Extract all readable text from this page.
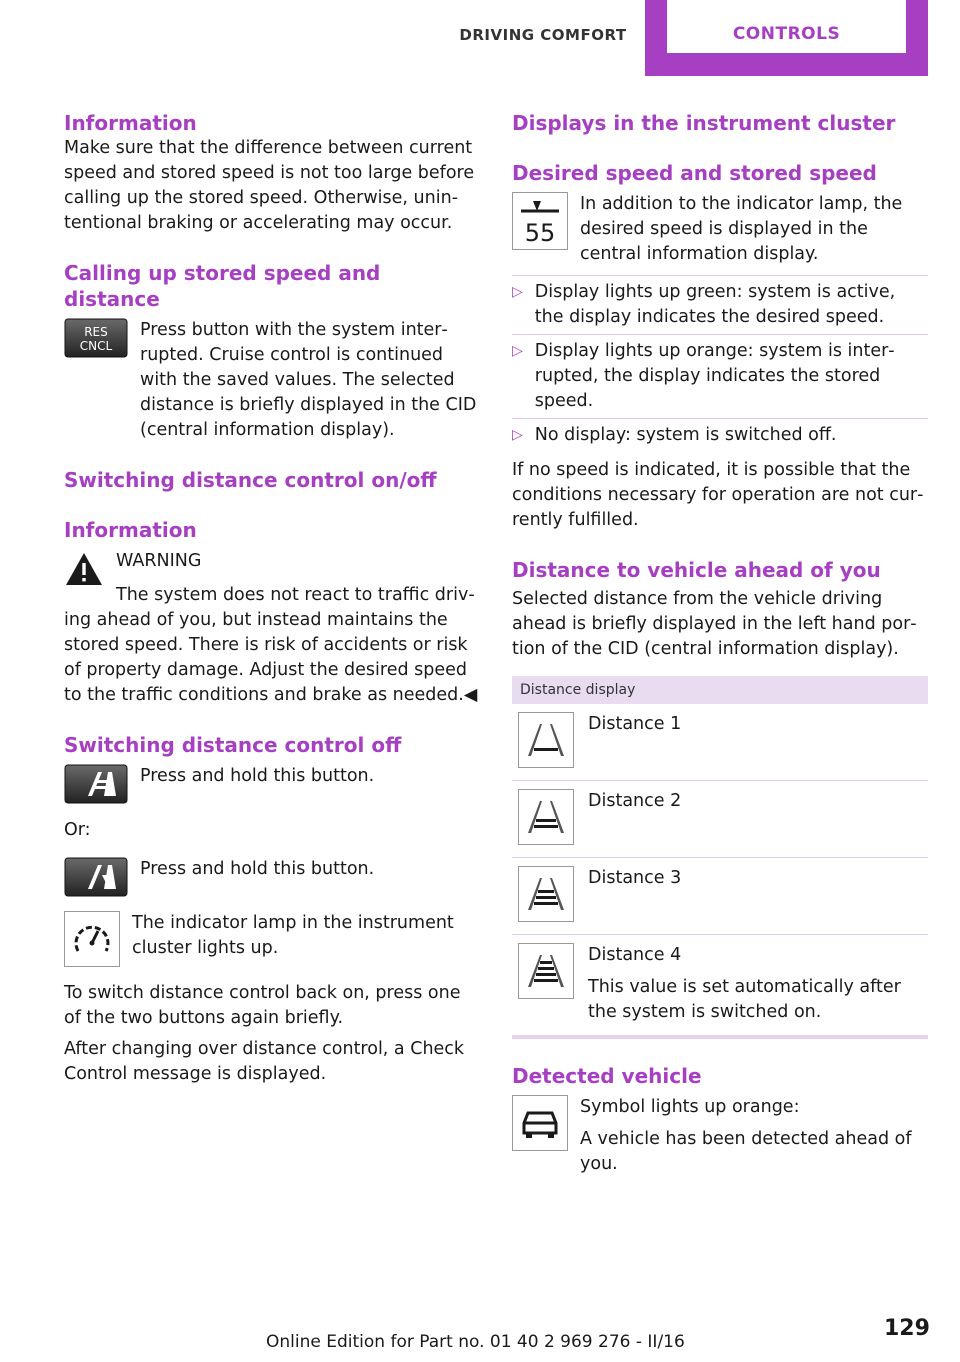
DRIVING COMFORT	CONTROLS
Information

Make sure that the difference between current speed and stored speed is not too large before calling up the stored speed. Otherwise, unintentional braking or accelerating may occur.

Calling up stored speed and distance
RES
CNCL

Press button with the system interrupted. Cruise control is continued with the saved values. The selected distance is briefly displayed in the CID (central information display).

Switching distance control on/off
Information

WARNING

The system does not react to traffic driving ahead of you, but instead maintains the stored speed. There is risk of accidents or risk of property damage. Adjust the desired speed to the traffic conditions and brake as needed.◀

Switching distance control off

Press and hold this button.

Or:

Press and hold this button.

The indicator lamp in the instrument cluster lights up.

To switch distance control back on, press one of the two buttons again briefly.

After changing over distance control, a Check Control message is displayed.

Displays in the instrument cluster
Desired speed and stored speed
55

In addition to the indicator lamp, the desired speed is displayed in the central information display.

▷ Display lights up green: system is active, the display indicates the desired speed.

▷ Display lights up orange: system is interrupted, the display indicates the stored speed.

▷ No display: system is switched off.

If no speed is indicated, it is possible that the conditions necessary for operation are not currently fulfilled.

Distance to vehicle ahead of you

Selected distance from the vehicle driving ahead is briefly displayed in the left hand portion of the CID (central information display).

Distance display

Distance 1

Distance 2

Distance 3

Distance 4

This value is set automatically after the system is switched on.

Detected vehicle

Symbol lights up orange:

A vehicle has been detected ahead of you.

129
Online Edition for Part no. 01 40 2 969 276 - II/16
